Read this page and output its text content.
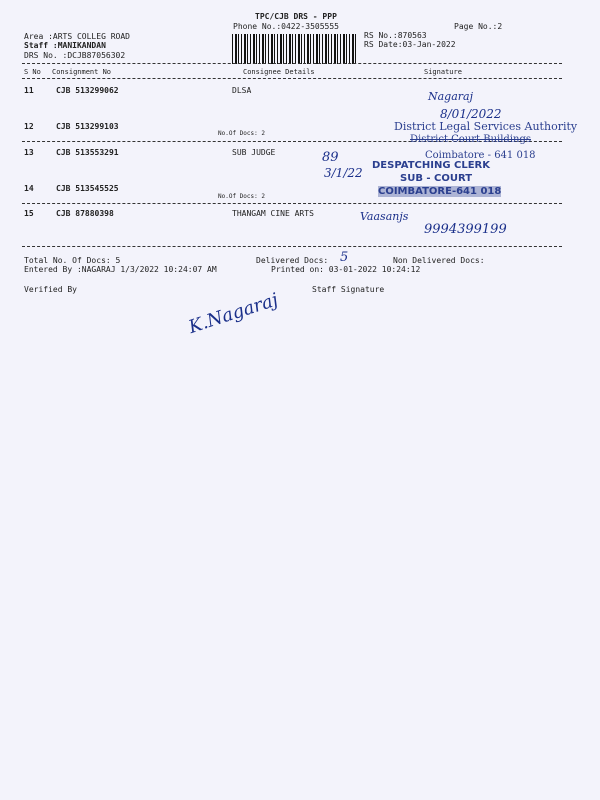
TPC/CJB DRS - PPP
Phone No.:0422-3505555	Page No.:2
Area :ARTS COLLEG ROAD
Staff :MANIKANDAN
DRS No. :DCJB87056302
RS No.:870563
RS Date:03-Jan-2022
S No Consignment No	Consignee Details	Signature
11	CJB 513299062	DLSA
12	CJB 513299103
No.Of Docs: 2
13	CJB 513553291	SUB JUDGE
14	CJB 513545525
No.Of Docs: 2
15	CJB 87880398	THANGAM CINE ARTS
Total No. Of Docs: 5	Delivered Docs: 5	Non Delivered Docs:
Entered By :NAGARAJ 1/3/2022 10:24:07 AM	Printed on: 03-01-2022 10:24:12
Verified By	Staff Signature
Nagaraj
8/01/2022
District Legal Services Authority
District Court Buildings
Coimbatore - 641 018
89
3/1/22
DESPATCHING CLERK
SUB - COURT
COIMBATORE-641 018
Vaasanjs
9994399199
K.Nagaraj
